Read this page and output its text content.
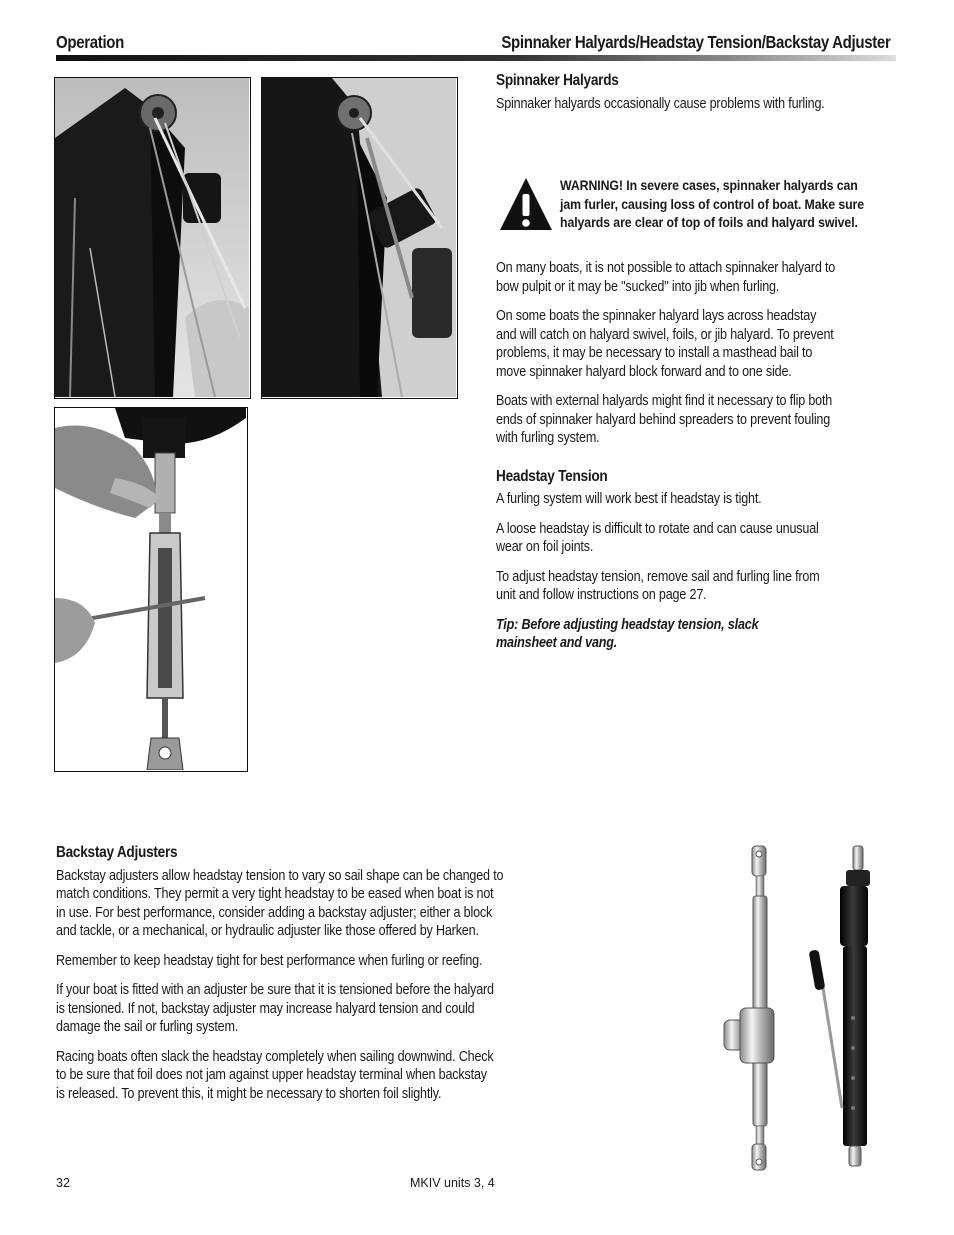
Operation	Spinnaker Halyards/Headstay Tension/Backstay Adjuster
Spinnaker Halyards

Spinnaker halyards occasionally cause problems with furling.

WARNING! In severe cases, spinnaker halyards can
jam furler, causing loss of control of boat. Make sure
halyards are clear of top of foils and halyard swivel.

On many boats, it is not possible to attach spinnaker halyard to
bow pulpit or it may be "sucked" into jib when furling.

On some boats the spinnaker halyard lays across headstay
and will catch on halyard swivel, foils, or jib halyard. To prevent
problems, it may be necessary to install a masthead bail to
move spinnaker halyard block forward and to one side.

Boats with external halyards might find it necessary to flip both
ends of spinnaker halyard behind spreaders to prevent fouling
with furling system.

Headstay Tension

A furling system will work best if headstay is tight.

A loose headstay is difficult to rotate and can cause unusual
wear on foil joints.

To adjust headstay tension, remove sail and furling line from
unit and follow instructions on page 27.

Tip: Before adjusting headstay tension, slack
mainsheet and vang.

Backstay Adjusters

Backstay adjusters allow headstay tension to vary so sail shape can be changed to
match conditions. They permit a very tight headstay to be eased when boat is not
in use. For best performance, consider adding a backstay adjuster; either a block
and tackle, or a mechanical, or hydraulic adjuster like those offered by Harken.

Remember to keep headstay tight for best performance when furling or reefing.

If your boat is fitted with an adjuster be sure that it is tensioned before the halyard
is tensioned. If not, backstay adjuster may increase halyard tension and could
damage the sail or furling system.

Racing boats often slack the headstay completely when sailing downwind. Check
to be sure that foil does not jam against upper headstay terminal when backstay
is released. To prevent this, it might be necessary to shorten foil slightly.

32	MKIV units 3, 4
